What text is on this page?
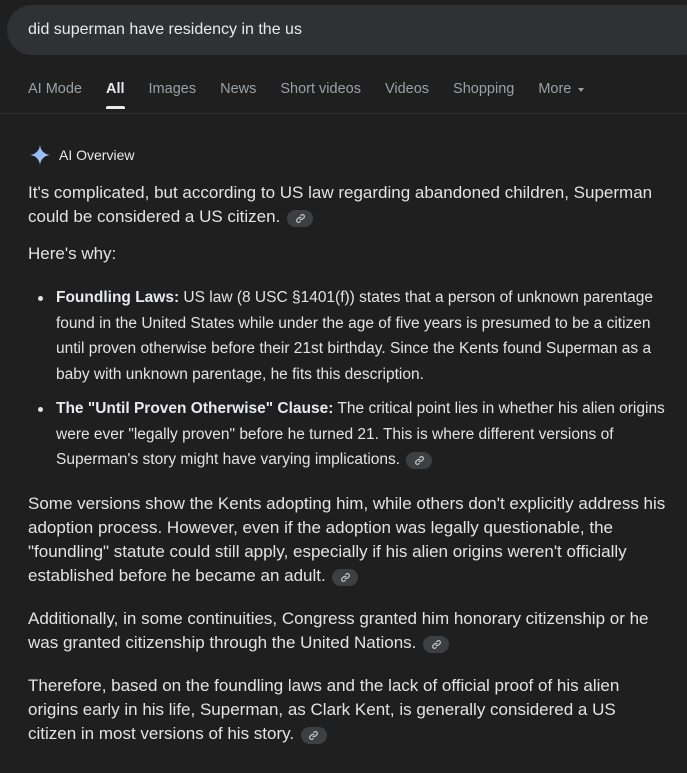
did superman have residency in the us
AI Mode All Images News Short videos Videos Shopping More
AI Overview

It's complicated, but according to US law regarding abandoned children, Superman could be considered a US citizen.

Here's why:

Foundling Laws: US law (8 USC §1401(f)) states that a person of unknown parentage found in the United States while under the age of five years is presumed to be a citizen until proven otherwise before their 21st birthday. Since the Kents found Superman as a baby with unknown parentage, he fits this description.
The "Until Proven Otherwise" Clause: The critical point lies in whether his alien origins were ever "legally proven" before he turned 21. This is where different versions of Superman's story might have varying implications.

Some versions show the Kents adopting him, while others don't explicitly address his adoption process. However, even if the adoption was legally questionable, the "foundling" statute could still apply, especially if his alien origins weren't officially established before he became an adult.

Additionally, in some continuities, Congress granted him honorary citizenship or he was granted citizenship through the United Nations.

Therefore, based on the foundling laws and the lack of official proof of his alien origins early in his life, Superman, as Clark Kent, is generally considered a US citizen in most versions of his story.
